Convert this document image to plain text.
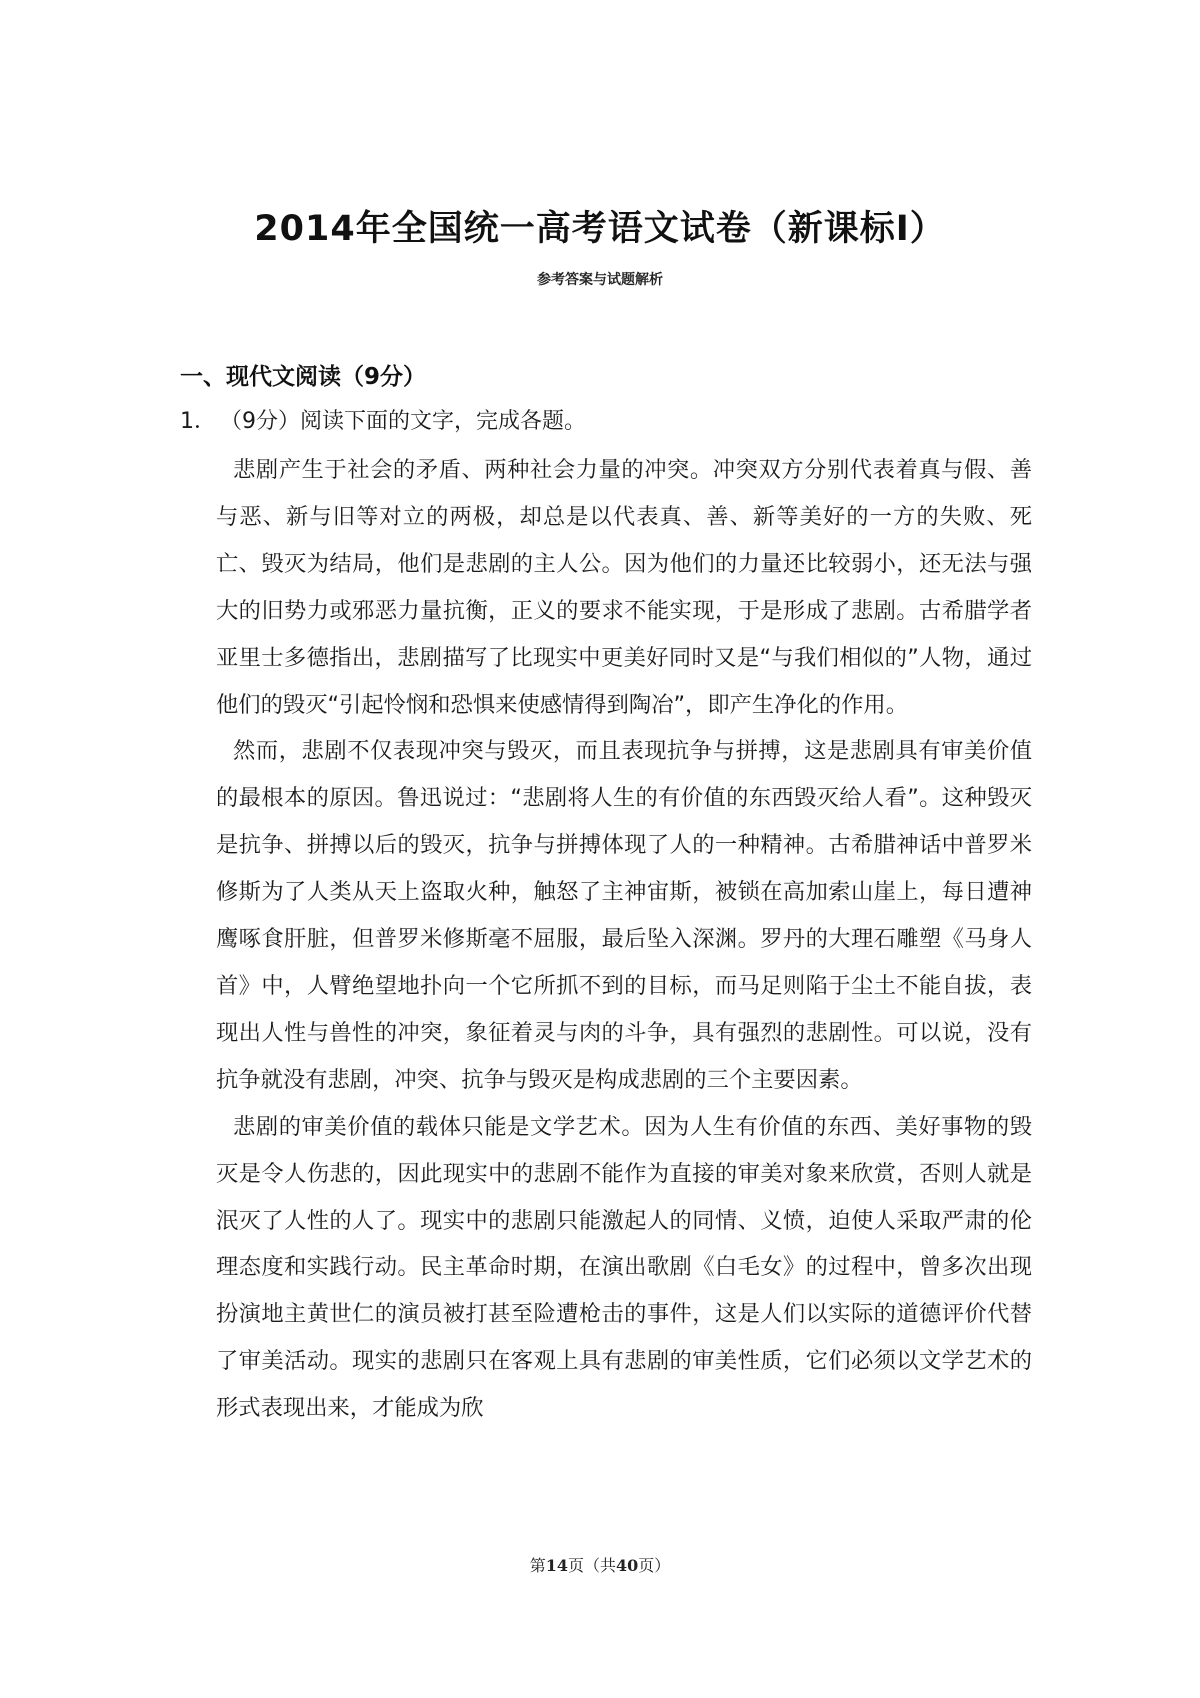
2014年全国统一高考语文试卷（新课标Ⅰ）
参考答案与试题解析
一、现代文阅读（9分）
1． （9分）阅读下面的文字，完成各题。

悲剧产生于社会的矛盾、两种社会力量的冲突。冲突双方分别代表着真与假、善与恶、新与旧等对立的两极，却总是以代表真、善、新等美好的一方的失败、死亡、毁灭为结局，他们是悲剧的主人公。因为他们的力量还比较弱小，还无法与强大的旧势力或邪恶力量抗衡，正义的要求不能实现，于是形成了悲剧。古希腊学者亚里士多德指出，悲剧描写了比现实中更美好同时又是“与我们相似的”人物，通过他们的毁灭“引起怜悯和恐惧来使感情得到陶冶”，即产生净化的作用。

然而，悲剧不仅表现冲突与毁灭，而且表现抗争与拼搏，这是悲剧具有审美价值的最根本的原因。鲁迅说过：“悲剧将人生的有价值的东西毁灭给人看”。这种毁灭是抗争、拼搏以后的毁灭，抗争与拼搏体现了人的一种精神。古希腊神话中普罗米修斯为了人类从天上盗取火种，触怒了主神宙斯，被锁在高加索山崖上，每日遭神鹰啄食肝脏，但普罗米修斯毫不屈服，最后坠入深渊。罗丹的大理石雕塑《马身人首》中，人臂绝望地扑向一个它所抓不到的目标，而马足则陷于尘土不能自拔，表现出人性与兽性的冲突，象征着灵与肉的斗争，具有强烈的悲剧性。可以说，没有抗争就没有悲剧，冲突、抗争与毁灭是构成悲剧的三个主要因素。

悲剧的审美价值的载体只能是文学艺术。因为人生有价值的东西、美好事物的毁灭是令人伤悲的，因此现实中的悲剧不能作为直接的审美对象来欣赏，否则人就是泯灭了人性的人了。现实中的悲剧只能激起人的同情、义愤，迫使人采取严肃的伦理态度和实践行动。民主革命时期，在演出歌剧《白毛女》的过程中，曾多次出现扮演地主黄世仁的演员被打甚至险遭枪击的事件，这是人们以实际的道德评价代替了审美活动。现实的悲剧只在客观上具有悲剧的审美性质，它们必须以文学艺术的形式表现出来，才能成为欣

第14页（共40页）
